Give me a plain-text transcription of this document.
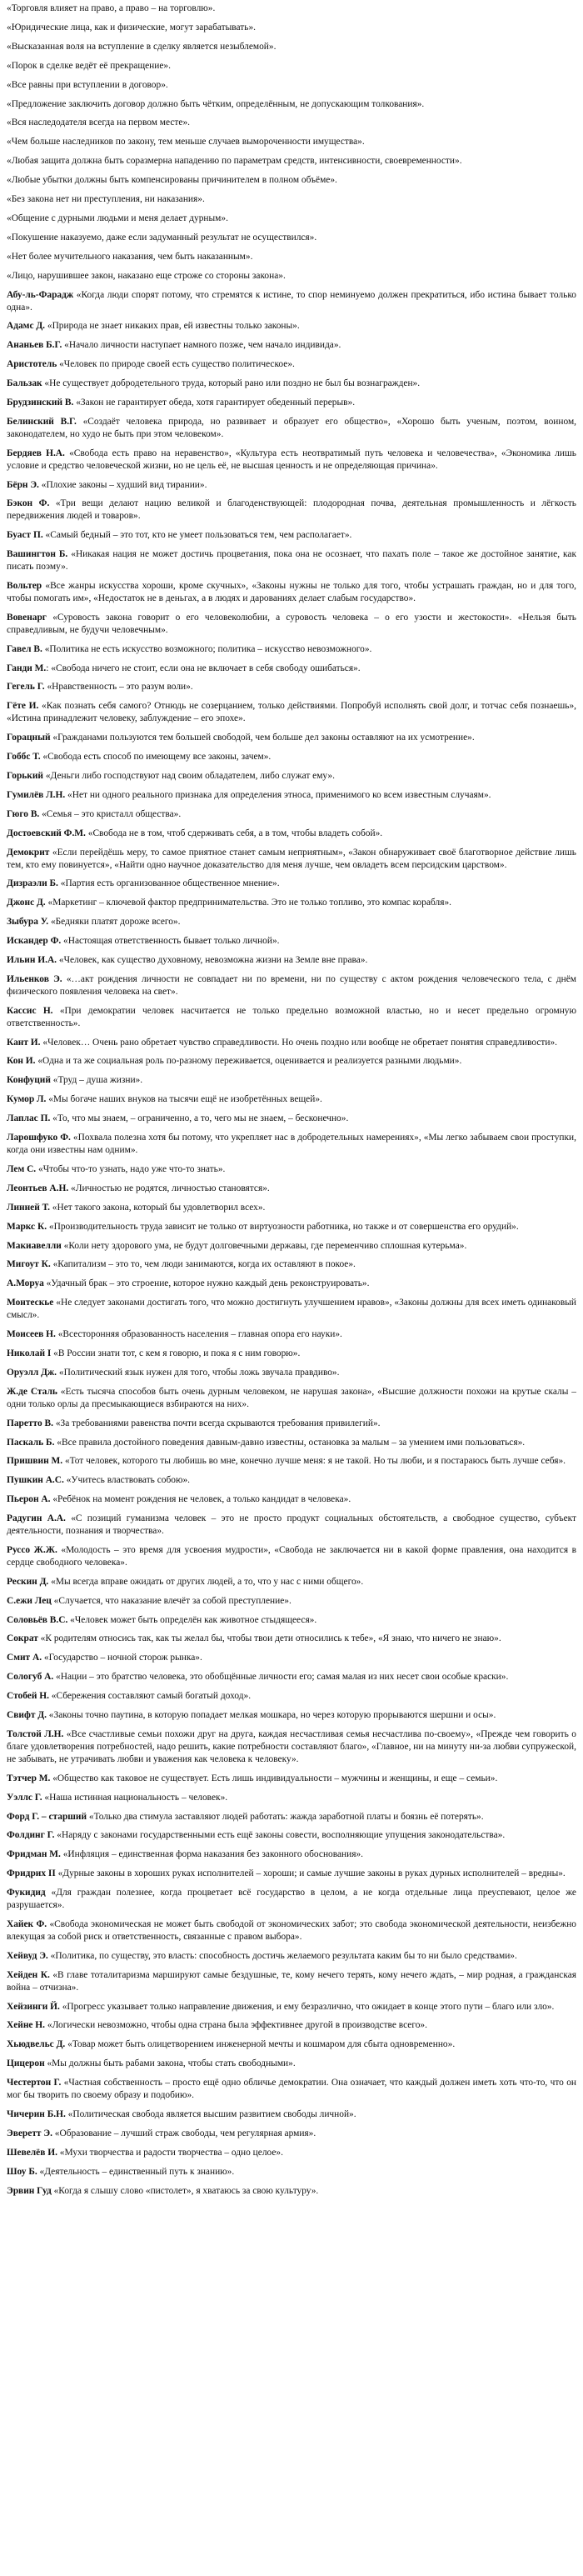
«Торговля влияет на право, а право – на торговлю».

«Юридические лица, как и физические, могут зарабатывать».

«Высказанная воля на вступление в сделку является незыблемой».

«Порок в сделке ведёт её прекращение».

«Все равны при вступлении в договор».

«Предложение заключить договор должно быть чётким, определённым, не допускающим толкования».

«Вся наследодателя всегда на первом месте».

«Чем больше наследников по закону, тем меньше случаев вымороченности имущества».

«Любая защита должна быть соразмерна нападению по параметрам средств, интенсивности, своевременности».

«Любые убытки должны быть компенсированы причинителем в полном объёме».

«Без закона нет ни преступления, ни наказания».

«Общение с дурными людьми и меня делает дурным».

«Покушение наказуемо, даже если задуманный результат не осуществился».

«Нет более мучительного наказания, чем быть наказанным».

«Лицо, нарушившее закон, наказано еще строже со стороны закона».

Абу-ль-Фарадж «Когда люди спорят потому, что стремятся к истине, то спор неминуемо должен прекратиться, ибо истина бывает только одна».

Адамс Д. «Природа не знает никаких прав, ей известны только законы».

Ананьев Б.Г. «Начало личности наступает намного позже, чем начало индивида».

Аристотель «Человек по природе своей есть существо политическое».

Бальзак «Не существует добродетельного труда, который рано или поздно не был бы вознагражден».

Брудзинский В. «Закон не гарантирует обеда, хотя гарантирует обеденный перерыв».

Белинский В.Г. «Создаёт человека природа, но развивает и образует его общество», «Хорошо быть ученым, поэтом, воином, законодателем, но худо не быть при этом человеком».

Бердяев Н.А. «Свобода есть право на неравенство», «Культура есть неотвратимый путь человека и человечества», «Экономика лишь условие и средство человеческой жизни, но не цель её, не высшая ценность и не определяющая причина».

Бёрн Э. «Плохие законы – худший вид тирании».

Бэкон Ф. «Три вещи делают нацию великой и благоденствующей: плодородная почва, деятельная промышленность и лёгкость передвижения людей и товаров».

Буаст П. «Самый бедный – это тот, кто не умеет пользоваться тем, чем располагает».

Вашингтон Б. «Никакая нация не может достичь процветания, пока она не осознает, что пахать поле – такое же достойное занятие, как писать поэму».

Вольтер «Все жанры искусства хороши, кроме скучных», «Законы нужны не только для того, чтобы устрашать граждан, но и для того, чтобы помогать им», «Недостаток не в деньгах, а в людях и дарованиях делает слабым государство».

Вовенарг «Суровость закона говорит о его человеколюбии, а суровость человека – о его узости и жестокости». «Нельзя быть справедливым, не будучи человечным».

Гавел В. «Политика не есть искусство возможного; политика – искусство невозможного».

Ганди М.: «Свобода ничего не стоит, если она не включает в себя свободу ошибаться».

Гегель Г. «Нравственность – это разум воли».

Гёте И. «Как познать себя самого? Отнюдь не созерцанием, только действиями. Попробуй исполнять свой долг, и тотчас себя познаешь», «Истина принадлежит человеку, заблуждение – его эпохе».

Горацный «Гражданами пользуются тем большей свободой, чем больше дел законы оставляют на их усмотрение».

Гоббс Т. «Свобода есть способ по имеющему все законы, зачем».

Горький «Деньги либо господствуют над своим обладателем, либо служат ему».

Гумилёв Л.Н. «Нет ни одного реального признака для определения этноса, применимого ко всем известным случаям».

Гюго В. «Семья – это кристалл общества».

Достоевский Ф.М. «Свобода не в том, чтоб сдерживать себя, а в том, чтобы владеть собой».

Демокрит «Если перейдёшь меру, то самое приятное станет самым неприятным», «Закон обнаруживает своё благотворное действие лишь тем, кто ему повинуется», «Найти одно научное доказательство для меня лучше, чем овладеть всем персидским царством».

Дизраэли Б. «Партия есть организованное общественное мнение».

Джонс Д. «Маркетинг – ключевой фактор предпринимательства. Это не только топливо, это компас корабля».

Зыбура У. «Бедняки платят дороже всего».

Искандер Ф. «Настоящая ответственность бывает только личной».

Ильин И.А. «Человек, как существо духовному, невозможна жизни на Земле вне права».

Ильенков Э. «…акт рождения личности не совпадает ни по времени, ни по существу с актом рождения человеческого тела, с днём физического появления человека на свет».

Кассис Н. «При демократии человек насчитается не только предельно возможной властью, но и несет предельно огромную ответственность».

Кант И. «Человек… Очень рано обретает чувство справедливости. Но очень поздно или вообще не обретает понятия справедливости».

Кон И. «Одна и та же социальная роль по-разному переживается, оценивается и реализуется разными людьми».

Конфуций «Труд – душа жизни».

Кумор Л. «Мы богаче наших внуков на тысячи ещё не изобретённых вещей».

Лаплас П. «То, что мы знаем, – ограниченно, а то, чего мы не знаем, – бесконечно».

Ларошфуко Ф. «Похвала полезна хотя бы потому, что укрепляет нас в добродетельных намерениях», «Мы легко забываем свои проступки, когда они известны нам одним».

Лем С. «Чтобы что-то узнать, надо уже что-то знать».

Леонтьев А.Н. «Личностью не родятся, личностью становятся».

Линней Т. «Нет такого закона, который бы удовлетворил всех».

Маркс К. «Производительность труда зависит не только от виртуозности работника, но также и от совершенства его орудий».

Макиавелли «Коли нету здорового ума, не будут долговечными державы, где переменчиво сплошная кутерьма».

Мигоут К. «Капитализм – это то, чем люди занимаются, когда их оставляют в покое».

А.Моруа «Удачный брак – это строение, которое нужно каждый день реконструировать».

Монтескье «Не следует законами достигать того, что можно достигнуть улучшением нравов», «Законы должны для всех иметь одинаковый смысл».

Моисеев Н. «Всесторонняя образованность населения – главная опора его науки».

Николай I «В России знати тот, с кем я говорю, и пока я с ним говорю».

Оруэлл Дж. «Политический язык нужен для того, чтобы ложь звучала правдиво».

Ж.де Сталь «Есть тысяча способов быть очень дурным человеком, не нарушая закона», «Высшие должности похожи на крутые скалы – одни только орлы да пресмыкающиеся взбираются на них».

Паретто В. «За требованиями равенства почти всегда скрываются требования привилегий».

Паскаль Б. «Все правила достойного поведения давным-давно известны, остановка за малым – за умением ими пользоваться».

Пришвин М. «Тот человек, которого ты любишь во мне, конечно лучше меня: я не такой. Но ты люби, и я постараюсь быть лучше себя».

Пушкин А.С. «Учитесь властвовать собою».

Пьерон А. «Ребёнок на момент рождения не человек, а только кандидат в человека».

Радугин А.А. «С позиций гуманизма человек – это не просто продукт социальных обстоятельств, а свободное существо, субъект деятельности, познания и творчества».

Руссо Ж.Ж. «Молодость – это время для усвоения мудрости», «Свобода не заключается ни в какой форме правления, она находится в сердце свободного человека».

Рескин Д. «Мы всегда вправе ожидать от других людей, а то, что у нас с ними общего».

С.ежи Лец «Случается, что наказание влечёт за собой преступление».

Соловьёв В.С. «Человек может быть определён как животное стыдящееся».

Сократ «К родителям относись так, как ты желал бы, чтобы твои дети относились к тебе», «Я знаю, что ничего не знаю».

Смит А. «Государство – ночной сторож рынка».

Сологуб А. «Нации – это братство человека, это обобщённые личности его; самая малая из них несет свои особые краски».

Стобей Н. «Сбережения составляют самый богатый доход».

Свифт Д. «Законы точно паутина, в которую попадает мелкая мошкара, но через которую прорываются шершни и осы».

Толстой Л.Н. «Все счастливые семьи похожи друг на друга, каждая несчастливая семья несчастлива по-своему», «Прежде чем говорить о благе удовлетворения потребностей, надо решить, какие потребности составляют благо», «Главное, ни на минуту ни-за любви супружеской, не забывать, не утрачивать любви и уважения как человека к человеку».

Тэтчер М. «Общество как таковое не существует. Есть лишь индивидуальности – мужчины и женщины, и еще – семьи».

Уэллс Г. «Наша истинная национальность – человек».

Форд Г. – старший «Только два стимула заставляют людей работать: жажда заработной платы и боязнь её потерять».

Фолдинг Г. «Наряду с законами государственными есть ещё законы совести, восполняющие упущения законодательства».

Фридман М. «Инфляция – единственная форма наказания без законного обоснования».

Фридрих II «Дурные законы в хороших руках исполнителей – хороши; и самые лучшие законы в руках дурных исполнителей – вредны».

Фукидид «Для граждан полезнее, когда процветает всё государство в целом, а не когда отдельные лица преуспевают, целое же разрушается».

Хайек Ф. «Свобода экономическая не может быть свободой от экономических забот; это свобода экономической деятельности, неизбежно влекущая за собой риск и ответственность, связанные с правом выбора».

Хейвуд Э. «Политика, по существу, это власть: способность достичь желаемого результата каким бы то ни было средствами».

Хейден К. «В главе тоталитаризма маршируют самые бездушные, те, кому нечего терять, кому нечего ждать, – мир родная, а гражданская война – отчизна».

Хейзинги Й. «Прогресс указывает только направление движения, и ему безразлично, что ожидает в конце этого пути – благо или зло».

Хейне Н. «Логически невозможно, чтобы одна страна была эффективнее другой в производстве всего».

Хьюдвельс Д. «Товар может быть олицетворением инженерной мечты и кошмаром для сбыта одновременно».

Цицерон «Мы должны быть рабами закона, чтобы стать свободными».

Честертон Г. «Частная собственность – просто ещё одно обличье демократии. Она означает, что каждый должен иметь хоть что-то, что он мог бы творить по своему образу и подобию».

Чичерин Б.Н. «Политическая свобода является высшим развитием свободы личной».

Эверетт Э. «Образование – лучший страж свободы, чем регулярная армия».

Шевелёв И. «Мухи творчества и радости творчества – одно целое».

Шоу Б. «Деятельность – единственный путь к знанию».

Эрвин Гуд «Когда я слышу слово «пистолет», я хватаюсь за свою культуру».
